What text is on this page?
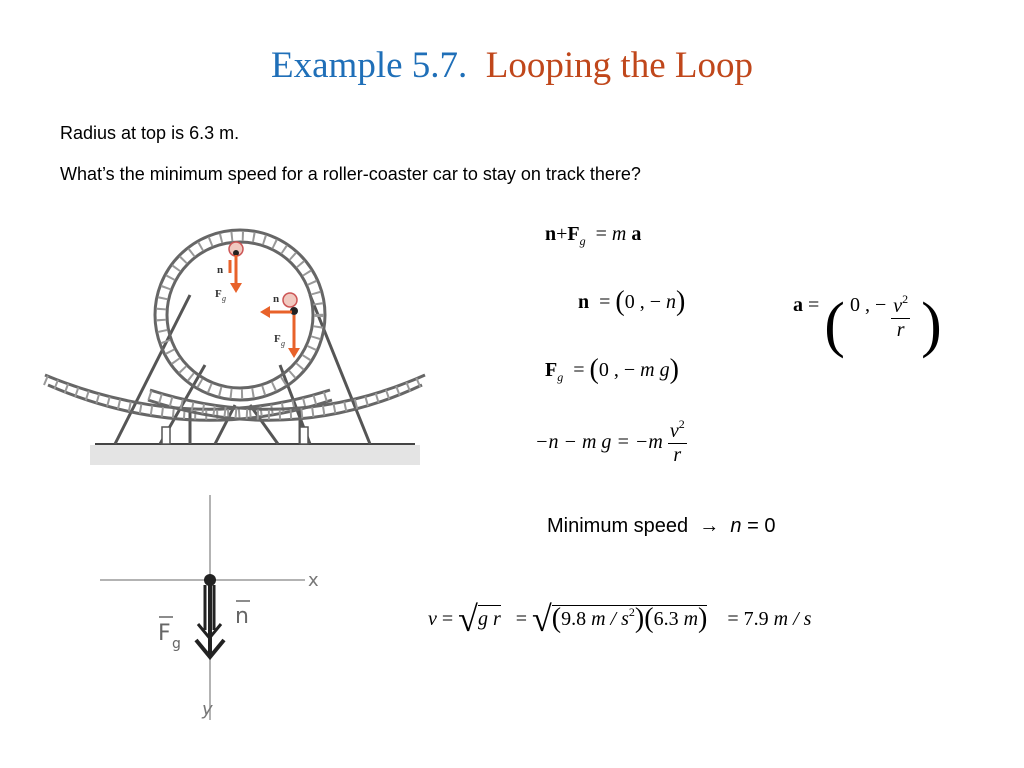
Example 5.7. Looping the Loop
Radius at top is 6.3 m.
What’s the minimum speed for a roller-coaster car to stay on track there?
n
F g	n
F g
x
y
n
F g
$n+F_g = m$ a
n = (0 , − n)
$F_g = (0$ , − m g)
a = ( 0 , − $\frac{v^2}{r}$ )
−n − m $g = -m \frac{v^2}{r}$
Minimum speed → n = 0
v = √g r = √(9.8 m / $s^2)(6.3$ m) = 7.9 m / s
